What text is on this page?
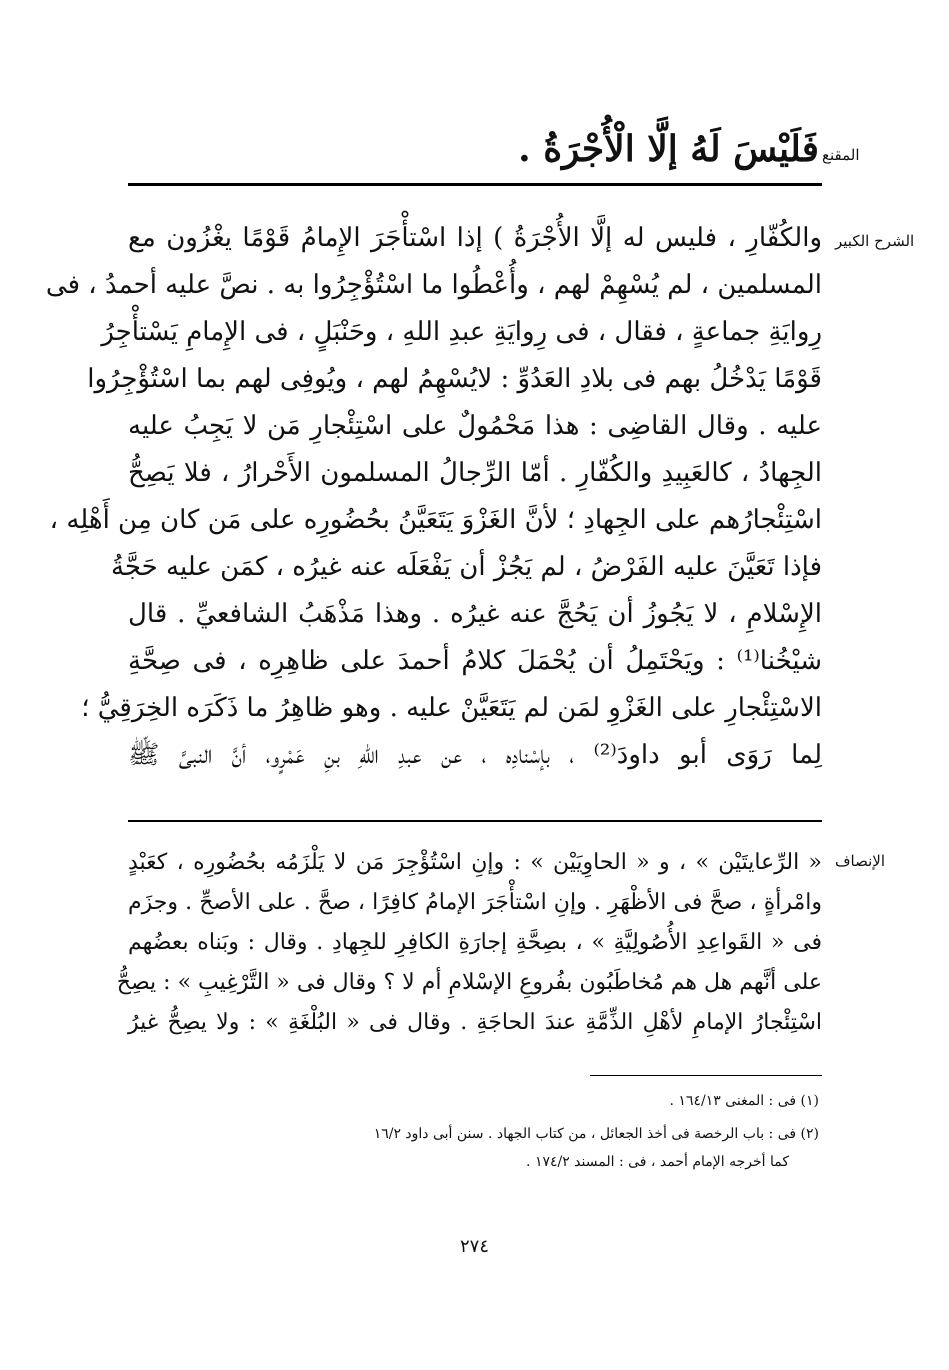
المقنع
فَلَيْسَ لَهُ إلَّا الْأُجْرَةُ .
الشرح الكبير
والكُفّارِ ، فليس له إلَّا الأُجْرَةُ ) إذا اسْتأْجَرَ الإِمامُ قَوْمًا يغْزُون مع
المسلمين ، لم يُسْهِمْ لهم ، وأُعْطُوا ما اسْتُؤْجِرُوا به . نصَّ عليه أحمدُ ، فى
رِوايَةِ جماعةٍ ، فقال ، فى رِوايَةِ عبدِ اللهِ ، وحَنْبَلٍ ، فى الإِمامِ يَسْتأْجِرُ
قَوْمًا يَدْخُلُ بهم فى بلادِ العَدُوِّ : لايُسْهِمُ لهم ، ويُوفِى لهم بما اسْتُؤْجِرُوا
عليه . وقال القاضِى : هذا مَحْمُولٌ على اسْتِئْجارِ مَن لا يَجِبُ عليه
الجِهادُ ، كالعَبِيدِ والكُفّارِ . أمّا الرِّجالُ المسلمون الأَحْرارُ ، فلا يَصِحُّ
اسْتِئْجارُهم على الجِهادِ ؛ لأنَّ الغَزْوَ يَتَعَيَّنُ بحُضُورِه على مَن كان مِن أَهْلِه ،
فإذا تَعَيَّنَ عليه الفَرْضُ ، لم يَجُزْ أن يَفْعَلَه عنه غيرُه ، كمَن عليه حَجَّةُ
الإِسْلامِ ، لا يَجُوزُ أن يَحُجَّ عنه غيرُه . وهذا مَذْهَبُ الشافعيِّ . قال
شيْخُنا⁽¹⁾ : ويَحْتَمِلُ أن يُحْمَلَ كلامُ أحمدَ على ظاهِرِه ، فى صِحَّةِ
الاسْتِئْجارِ على الغَزْوِ لمَن لم يَتَعَيَّنْ عليه . وهو ظاهِرُ ما ذَكَرَه الخِرَقِيُّ ؛
لِما رَوَى أبو داودَ⁽²⁾ ، بإسْنادِه ، عن عبدِ اللهِ بنِ عَمْرٍو، أنَّ النبىَّ ﷺ
الإنصاف
« الرِّعايتَيْن » ، و « الحاوِيَيْن » : وإنِ اسْتُؤْجِرَ مَن لا يَلْزَمُه بحُضُورِه ، كعَبْدٍ
وامْرأةٍ ، صحَّ فى الأظْهَرِ . وإنِ اسْتأْجَرَ الإمامُ كافِرًا ، صحَّ . على الأصحِّ . وجزَم
فى « القَواعِدِ الأُصُولِيَّةِ » ، بصِحَّةِ إجارَةِ الكافِرِ للجِهادِ . وقال : وبَناه بعضُهم
على أنَّهم هل هم مُخاطَبُون بفُروعِ الإسْلامِ أم لا ؟ وقال فى « التَّرْغِيبِ » : يصِحُّ
اسْتِئْجارُ الإمامِ لأهْلِ الذِّمَّةِ عندَ الحاجَةِ . وقال فى « البُلْغَةِ » : ولا يصِحُّ غيرُ
(١) فى : المغنى ١٦٤/١٣ .
(٢) فى : باب الرخصة فى أخذ الجعائل ، من كتاب الجهاد . سنن أبى داود ١٦/٢
كما أخرجه الإمام أحمد ، فى : المسند ١٧٤/٢ .
٢٧٤
